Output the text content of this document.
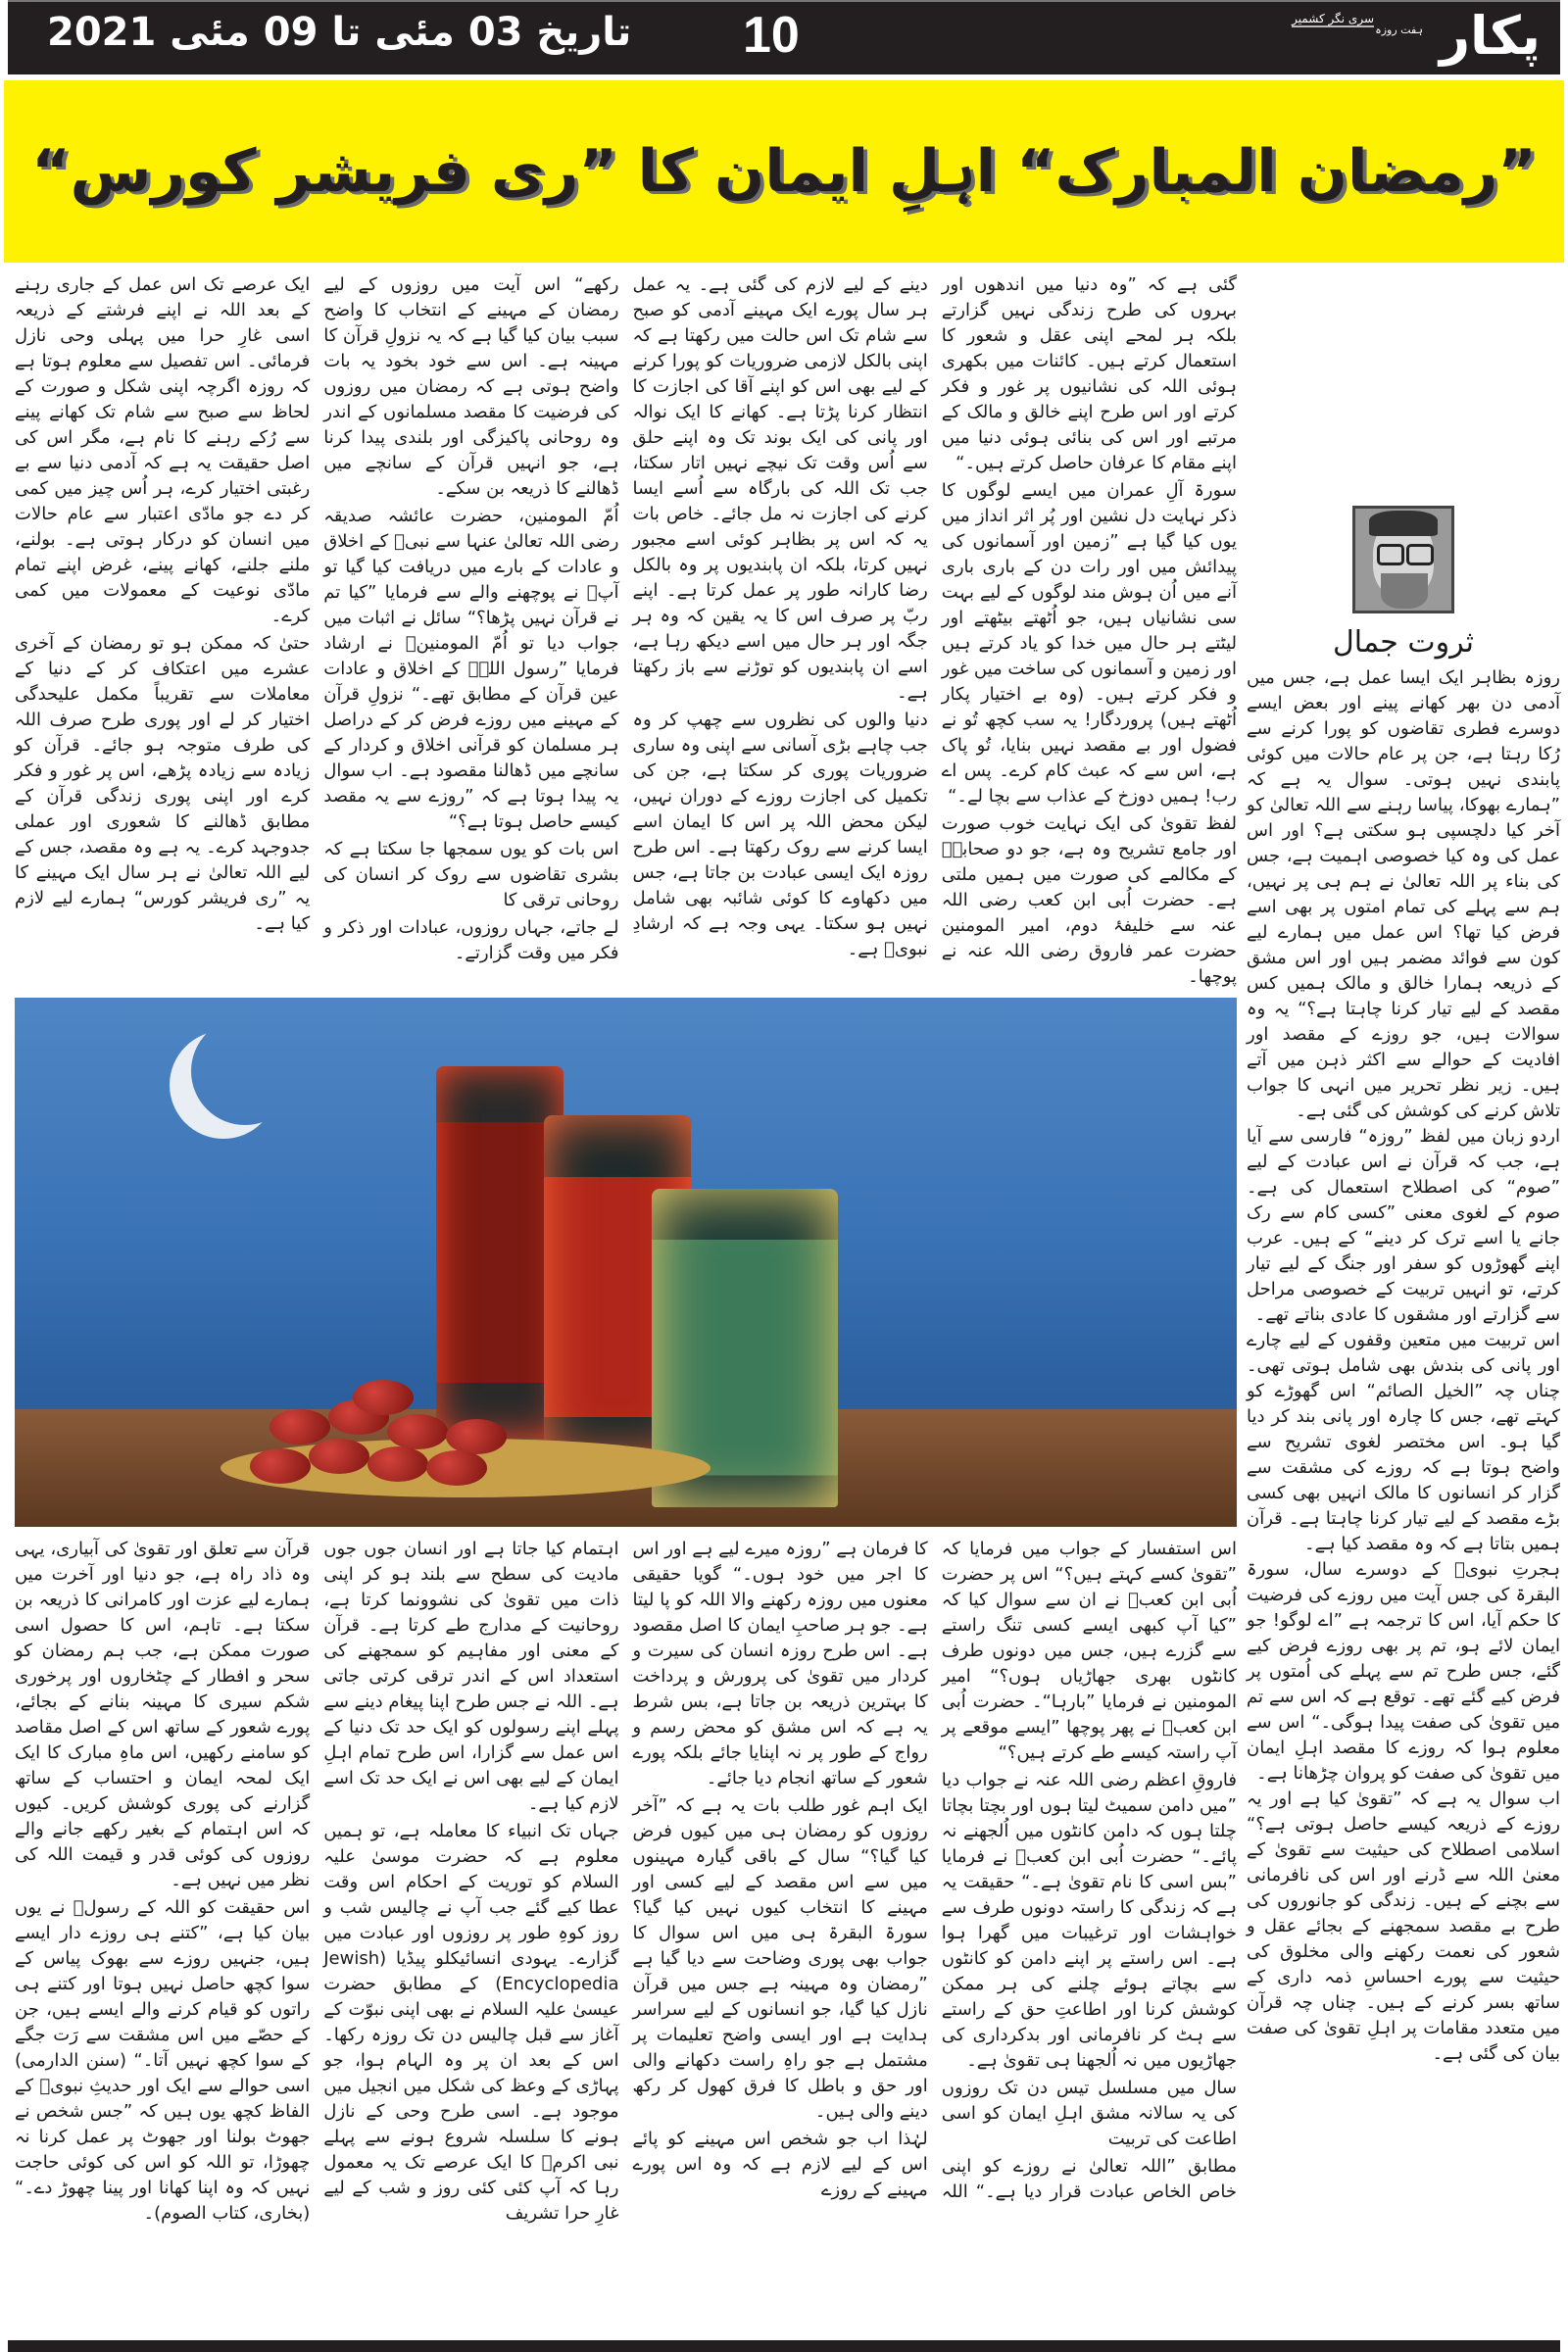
تاریخ 03 مئی تا 09 مئی 2021 10	پکار
ہفت روزہ
سری نگر کشمیر
”رمضان المبارک“ اہلِ ایمان کا ”ری فریشر کورس“

گئی ہے کہ ”وہ دنیا میں اندھوں اور بہروں کی طرح زندگی نہیں گزارتے بلکہ ہر لمحے اپنی عقل و شعور کا استعمال کرتے ہیں۔ کائنات میں بکھری ہوئی اللہ کی نشانیوں پر غور و فکر کرتے اور اس طرح اپنے خالق و مالک کے مرتبے اور اس کی بنائی ہوئی دنیا میں اپنے مقام کا عرفان حاصل کرتے ہیں۔“

سورۃ آلِ عمران میں ایسے لوگوں کا ذکر نہایت دل نشین اور پُر اثر انداز میں یوں کیا گیا ہے ”زمین اور آسمانوں کی پیدائش میں اور رات دن کے باری باری آنے میں اُن ہوش مند لوگوں کے لیے بہت سی نشانیاں ہیں، جو اُٹھتے بیٹھتے اور لیٹتے ہر حال میں خدا کو یاد کرتے ہیں اور زمین و آسمانوں کی ساخت میں غور و فکر کرتے ہیں۔ (وہ بے اختیار پکار اُٹھتے ہیں) پروردگار! یہ سب کچھ تُو نے فضول اور بے مقصد نہیں بنایا، تُو پاک ہے، اس سے کہ عبث کام کرے۔ پس اے رب! ہمیں دوزخ کے عذاب سے بچا لے۔“

لفظ تقویٰ کی ایک نہایت خوب صورت اور جامع تشریح وہ ہے، جو دو صحابہؓ کے مکالمے کی صورت میں ہمیں ملتی ہے۔ حضرت اُبی ابن کعب رضی اللہ عنہ سے خلیفۂ دوم، امیر المومنین حضرت عمر فاروق رضی اللہ عنہ نے پوچھا۔

دینے کے لیے لازم کی گئی ہے۔ یہ عمل ہر سال پورے ایک مہینے آدمی کو صبح سے شام تک اس حالت میں رکھتا ہے کہ اپنی بالکل لازمی ضروریات کو پورا کرنے کے لیے بھی اس کو اپنے آقا کی اجازت کا انتظار کرنا پڑتا ہے۔ کھانے کا ایک نوالہ اور پانی کی ایک بوند تک وہ اپنے حلق سے اُس وقت تک نیچے نہیں اتار سکتا، جب تک اللہ کی بارگاہ سے اُسے ایسا کرنے کی اجازت نہ مل جائے۔ خاص بات یہ کہ اس پر بظاہر کوئی اسے مجبور نہیں کرتا، بلکہ ان پابندیوں پر وہ بالکل رضا کارانہ طور پر عمل کرتا ہے۔ اپنے ربّ پر صرف اس کا یہ یقین کہ وہ ہر جگہ اور ہر حال میں اسے دیکھ رہا ہے، اسے ان پابندیوں کو توڑنے سے باز رکھتا ہے۔

دنیا والوں کی نظروں سے چھپ کر وہ جب چاہے بڑی آسانی سے اپنی وہ ساری ضروریات پوری کر سکتا ہے، جن کی تکمیل کی اجازت روزے کے دوران نہیں، لیکن محض اللہ پر اس کا ایمان اسے ایسا کرنے سے روک رکھتا ہے۔ اس طرح روزہ ایک ایسی عبادت بن جاتا ہے، جس میں دکھاوے کا کوئی شائبہ بھی شامل نہیں ہو سکتا۔ یہی وجہ ہے کہ ارشادِ نبویؐ ہے۔

رکھے“ اس آیت میں روزوں کے لیے رمضان کے مہینے کے انتخاب کا واضح سبب بیان کیا گیا ہے کہ یہ نزولِ قرآن کا مہینہ ہے۔ اس سے خود بخود یہ بات واضح ہوتی ہے کہ رمضان میں روزوں کی فرضیت کا مقصد مسلمانوں کے اندر وہ روحانی پاکیزگی اور بلندی پیدا کرنا ہے، جو انہیں قرآن کے سانچے میں ڈھالنے کا ذریعہ بن سکے۔

اُمّ المومنین، حضرت عائشہ صدیقہ رضی اللہ تعالیٰ عنہا سے نبیؐ کے اخلاق و عادات کے بارے میں دریافت کیا گیا تو آپؓ نے پوچھنے والے سے فرمایا ”کیا تم نے قرآن نہیں پڑھا؟“ سائل نے اثبات میں جواب دیا تو اُمّ المومنینؓ نے ارشاد فرمایا ”رسول اللہؐ کے اخلاق و عادات عین قرآن کے مطابق تھے۔“ نزولِ قرآن کے مہینے میں روزے فرض کر کے دراصل ہر مسلمان کو قرآنی اخلاق و کردار کے سانچے میں ڈھالنا مقصود ہے۔ اب سوال یہ پیدا ہوتا ہے کہ ”روزے سے یہ مقصد کیسے حاصل ہوتا ہے؟“

اس بات کو یوں سمجھا جا سکتا ہے کہ بشری تقاضوں سے روک کر انسان کی روحانی ترقی کا

لے جاتے، جہاں روزوں، عبادات اور ذکر و فکر میں وقت گزارتے۔

ایک عرصے تک اس عمل کے جاری رہنے کے بعد اللہ نے اپنے فرشتے کے ذریعہ اسی غارِ حرا میں پہلی وحی نازل فرمائی۔ اس تفصیل سے معلوم ہوتا ہے کہ روزہ اگرچہ اپنی شکل و صورت کے لحاظ سے صبح سے شام تک کھانے پینے سے رُکے رہنے کا نام ہے، مگر اس کی اصل حقیقت یہ ہے کہ آدمی دنیا سے بے رغبتی اختیار کرے، ہر اُس چیز میں کمی کر دے جو مادّی اعتبار سے عام حالات میں انسان کو درکار ہوتی ہے۔ بولنے، ملنے جلنے، کھانے پینے، غرض اپنے تمام مادّی نوعیت کے معمولات میں کمی کرے۔

حتیٰ کہ ممکن ہو تو رمضان کے آخری عشرے میں اعتکاف کر کے دنیا کے معاملات سے تقریباً مکمل علیحدگی اختیار کر لے اور پوری طرح صرف اللہ کی طرف متوجہ ہو جائے۔ قرآن کو زیادہ سے زیادہ پڑھے، اس پر غور و فکر کرے اور اپنی پوری زندگی قرآن کے مطابق ڈھالنے کا شعوری اور عملی جدوجہد کرے۔ یہ ہے وہ مقصد، جس کے لیے اللہ تعالیٰ نے ہر سال ایک مہینے کا یہ ”ری فریشر کورس“ ہمارے لیے لازم کیا ہے۔

اس استفسار کے جواب میں فرمایا کہ ”تقویٰ کسے کہتے ہیں؟“ اس پر حضرت اُبی ابن کعبؓ نے ان سے سوال کیا کہ ”کیا آپ کبھی ایسے کسی تنگ راستے سے گزرے ہیں، جس میں دونوں طرف کانٹوں بھری جھاڑیاں ہوں؟“ امیر المومنین نے فرمایا ”بارہا“۔ حضرت اُبی ابن کعبؓ نے پھر پوچھا ”ایسے موقعے پر آپ راستہ کیسے طے کرتے ہیں؟“

فاروقِ اعظم رضی اللہ عنہ نے جواب دیا ”میں دامن سمیٹ لیتا ہوں اور بچتا بچاتا چلتا ہوں کہ دامن کانٹوں میں اُلجھنے نہ پائے۔“ حضرت اُبی ابن کعبؓ نے فرمایا ”بس اسی کا نام تقویٰ ہے۔“ حقیقت یہ ہے کہ زندگی کا راستہ دونوں طرف سے خواہشات اور ترغیبات میں گھرا ہوا ہے۔ اس راستے پر اپنے دامن کو کانٹوں سے بچاتے ہوئے چلنے کی ہر ممکن کوشش کرنا اور اطاعتِ حق کے راستے سے ہٹ کر نافرمانی اور بدکرداری کی جھاڑیوں میں نہ اُلجھنا ہی تقویٰ ہے۔

سال میں مسلسل تیس دن تک روزوں کی یہ سالانہ مشق اہلِ ایمان کو اسی اطاعت کی تربیت

مطابق ”اللہ تعالیٰ نے روزے کو اپنی خاص الخاص عبادت قرار دیا ہے۔“ اللہ کا فرمان ہے ”روزہ میرے لیے ہے اور اس کا اجر میں خود ہوں۔“ گویا حقیقی معنوں میں روزہ رکھنے والا اللہ کو پا لیتا ہے۔ جو ہر صاحبِ ایمان کا اصل مقصود ہے۔ اس طرح روزہ انسان کی سیرت و کردار میں تقویٰ کی پرورش و پرداخت کا بہترین ذریعہ بن جاتا ہے، بس شرط یہ ہے کہ اس مشق کو محض رسم و رواج کے طور پر نہ اپنایا جائے بلکہ پورے شعور کے ساتھ انجام دیا جائے۔

ایک اہم غور طلب بات یہ ہے کہ ”آخر روزوں کو رمضان ہی میں کیوں فرض کیا گیا؟“ سال کے باقی گیارہ مہینوں میں سے اس مقصد کے لیے کسی اور مہینے کا انتخاب کیوں نہیں کیا گیا؟ سورۃ البقرۃ ہی میں اس سوال کا جواب بھی پوری وضاحت سے دیا گیا ہے ”رمضان وہ مہینہ ہے جس میں قرآن نازل کیا گیا، جو انسانوں کے لیے سراسر ہدایت ہے اور ایسی واضح تعلیمات پر مشتمل ہے جو راہِ راست دکھانے والی اور حق و باطل کا فرق کھول کر رکھ دینے والی ہیں۔

لہٰذا اب جو شخص اس مہینے کو پائے اس کے لیے لازم ہے کہ وہ اس پورے مہینے کے روزے

اہتمام کیا جاتا ہے اور انسان جوں جوں مادیت کی سطح سے بلند ہو کر اپنی ذات میں تقویٰ کی نشوونما کرتا ہے، روحانیت کے مدارج طے کرتا ہے۔ قرآن کے معنی اور مفاہیم کو سمجھنے کی استعداد اس کے اندر ترقی کرتی جاتی ہے۔ اللہ نے جس طرح اپنا پیغام دینے سے پہلے اپنے رسولوں کو ایک حد تک دنیا کے اس عمل سے گزارا، اس طرح تمام اہلِ ایمان کے لیے بھی اس نے ایک حد تک اسے لازم کیا ہے۔

جہاں تک انبیاء کا معاملہ ہے، تو ہمیں معلوم ہے کہ حضرت موسیٰ علیہ السلام کو توریت کے احکام اس وقت عطا کیے گئے جب آپ نے چالیس شب و روز کوہِ طور پر روزوں اور عبادت میں گزارے۔ یہودی انسائیکلو پیڈیا (Jewish Encyclopedia) کے مطابق حضرت عیسیٰ علیہ السلام نے بھی اپنی نبوّت کے آغاز سے قبل چالیس دن تک روزہ رکھا۔ اس کے بعد ان پر وہ الہام ہوا، جو پہاڑی کے وعظ کی شکل میں انجیل میں موجود ہے۔ اسی طرح وحی کے نازل ہونے کا سلسلہ شروع ہونے سے پہلے نبی اکرمؐ کا ایک عرصے تک یہ معمول رہا کہ آپ کئی کئی روز و شب کے لیے غارِ حرا تشریف

قرآن سے تعلق اور تقویٰ کی آبیاری، یہی وہ ذاد راہ ہے، جو دنیا اور آخرت میں ہمارے لیے عزت اور کامرانی کا ذریعہ بن سکتا ہے۔ تاہم، اس کا حصول اسی صورت ممکن ہے، جب ہم رمضان کو سحر و افطار کے چٹخاروں اور پرخوری شکم سیری کا مہینہ بنانے کے بجائے، پورے شعور کے ساتھ اس کے اصل مقاصد کو سامنے رکھیں، اس ماہِ مبارک کا ایک ایک لمحہ ایمان و احتساب کے ساتھ گزارنے کی پوری کوشش کریں۔ کیوں کہ اس اہتمام کے بغیر رکھے جانے والے روزوں کی کوئی قدر و قیمت اللہ کی نظر میں نہیں ہے۔

اس حقیقت کو اللہ کے رسولؐ نے یوں بیان کیا ہے، ”کتنے ہی روزے دار ایسے ہیں، جنہیں روزے سے بھوک پیاس کے سوا کچھ حاصل نہیں ہوتا اور کتنے ہی راتوں کو قیام کرنے والے ایسے ہیں، جن کے حصّے میں اس مشقت سے رَت جگے کے سوا کچھ نہیں آتا۔“ (سنن الدارمی) اسی حوالے سے ایک اور حدیثِ نبویؐ کے الفاظ کچھ یوں ہیں کہ ”جس شخص نے جھوٹ بولنا اور جھوٹ پر عمل کرنا نہ چھوڑا، تو اللہ کو اس کی کوئی حاجت نہیں کہ وہ اپنا کھانا اور پینا چھوڑ دے۔“ (بخاری، کتاب الصوم)۔

ثروت جمال

روزہ بظاہر ایک ایسا عمل ہے، جس میں آدمی دن بھر کھانے پینے اور بعض ایسے دوسرے فطری تقاضوں کو پورا کرنے سے رُکا رہتا ہے، جن پر عام حالات میں کوئی پابندی نہیں ہوتی۔ سوال یہ ہے کہ ”ہمارے بھوکا، پیاسا رہنے سے اللہ تعالیٰ کو آخر کیا دلچسپی ہو سکتی ہے؟ اور اس عمل کی وہ کیا خصوصی اہمیت ہے، جس کی بناء پر اللہ تعالیٰ نے ہم ہی پر نہیں، ہم سے پہلے کی تمام امتوں پر بھی اسے فرض کیا تھا؟ اس عمل میں ہمارے لیے کون سے فوائد مضمر ہیں اور اس مشق کے ذریعہ ہمارا خالق و مالک ہمیں کس مقصد کے لیے تیار کرنا چاہتا ہے؟“ یہ وہ سوالات ہیں، جو روزے کے مقصد اور افادیت کے حوالے سے اکثر ذہن میں آتے ہیں۔ زیر نظر تحریر میں انہی کا جواب تلاش کرنے کی کوشش کی گئی ہے۔

اردو زبان میں لفظ ”روزہ“ فارسی سے آیا ہے، جب کہ قرآن نے اس عبادت کے لیے ”صوم“ کی اصطلاح استعمال کی ہے۔ صوم کے لغوی معنی ”کسی کام سے رک جانے یا اسے ترک کر دینے“ کے ہیں۔ عرب اپنے گھوڑوں کو سفر اور جنگ کے لیے تیار کرتے، تو انہیں تربیت کے خصوصی مراحل سے گزارتے اور مشقوں کا عادی بناتے تھے۔

اس تربیت میں متعین وقفوں کے لیے چارے اور پانی کی بندش بھی شامل ہوتی تھی۔ چناں چہ ”الخیل الصائم“ اس گھوڑے کو کہتے تھے، جس کا چارہ اور پانی بند کر دیا گیا ہو۔ اس مختصر لغوی تشریح سے واضح ہوتا ہے کہ روزے کی مشقت سے گزار کر انسانوں کا مالک انہیں بھی کسی بڑے مقصد کے لیے تیار کرنا چاہتا ہے۔ قرآن ہمیں بتاتا ہے کہ وہ مقصد کیا ہے۔

ہجرتِ نبویؐ کے دوسرے سال، سورۃ البقرۃ کی جس آیت میں روزے کی فرضیت کا حکم آیا، اس کا ترجمہ ہے ”اے لوگو! جو ایمان لائے ہو، تم پر بھی روزے فرض کیے گئے، جس طرح تم سے پہلے کی اُمتوں پر فرض کیے گئے تھے۔ توقع ہے کہ اس سے تم میں تقویٰ کی صفت پیدا ہوگی۔“ اس سے معلوم ہوا کہ روزے کا مقصد اہلِ ایمان میں تقویٰ کی صفت کو پروان چڑھانا ہے۔

اب سوال یہ ہے کہ ”تقویٰ کیا ہے اور یہ روزے کے ذریعہ کیسے حاصل ہوتی ہے؟“ اسلامی اصطلاح کی حیثیت سے تقویٰ کے معنیٰ اللہ سے ڈرنے اور اس کی نافرمانی سے بچنے کے ہیں۔ زندگی کو جانوروں کی طرح بے مقصد سمجھنے کے بجائے عقل و شعور کی نعمت رکھنے والی مخلوق کی حیثیت سے پورے احساسِ ذمہ داری کے ساتھ بسر کرنے کے ہیں۔ چناں چہ قرآن میں متعدد مقامات پر اہلِ تقویٰ کی صفت بیان کی گئی ہے۔
